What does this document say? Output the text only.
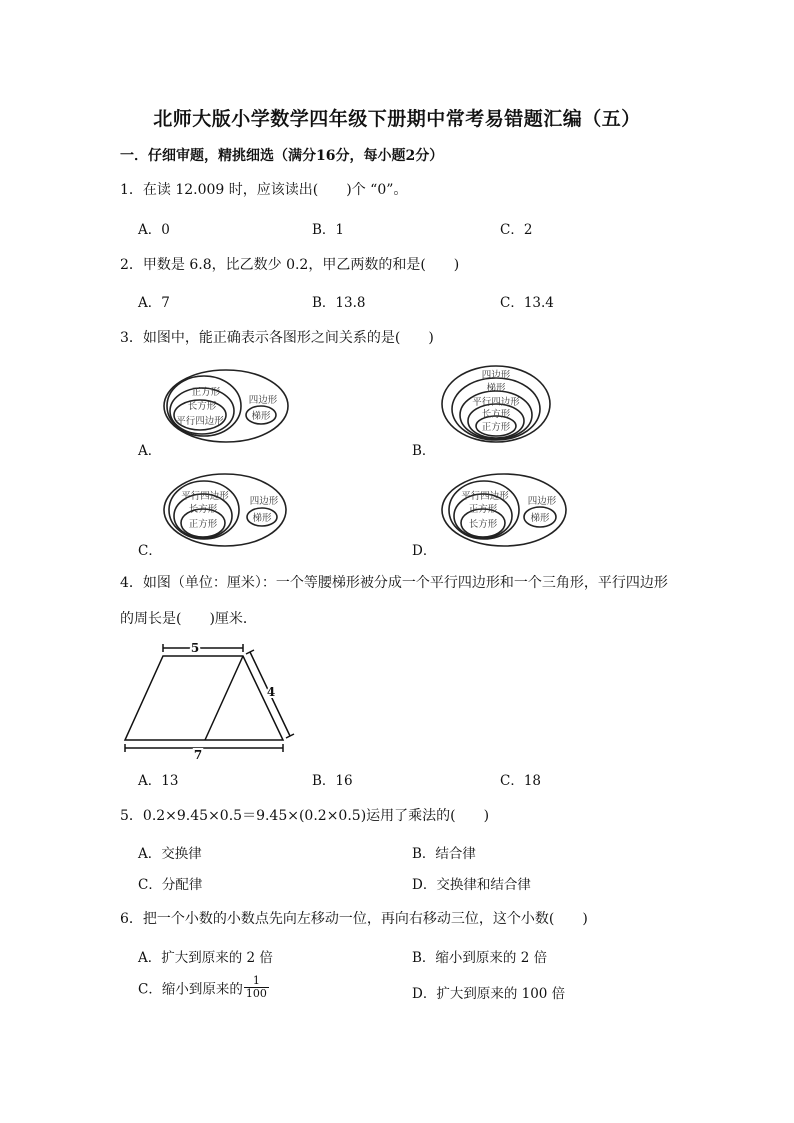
北师大版小学数学四年级下册期中常考易错题汇编（五）
一．仔细审题，精挑细选（满分16分，每小题2分）
1．在读 12.009 时，应该读出(　　)个 “0”。
A．0	B．1	C．2
2．甲数是 6.8，比乙数少 0.2，甲乙两数的和是(　　)
A．7	B．13.8	C．13.4
3．如图中，能正确表示各图形之间关系的是(　　)
正方形
长方形
平行四边形
四边形
梯形
A．
四边形
梯形
平行四边形
长方形
正方形
B．
平行四边形
长方形
正方形
四边形
梯形
C．
平行四边形
正方形
长方形
四边形
梯形
D．
4．如图（单位：厘米）：一个等腰梯形被分成一个平行四边形和一个三角形，平行四边形
的周长是(　　)厘米．
5
4
7
A．13	B．16	C．18
5．0.2×9.45×0.5＝9.45×(0.2×0.5)运用了乘法的(　　)
A．交换律	B．结合律
C．分配律	D．交换律和结合律
6．把一个小数的小数点先向左移动一位，再向右移动三位，这个小数(　　)
A．扩大到原来的 2 倍	B．缩小到原来的 2 倍
C．缩小到原来的 $\frac{1}{100}$	D．扩大到原来的 100 倍
